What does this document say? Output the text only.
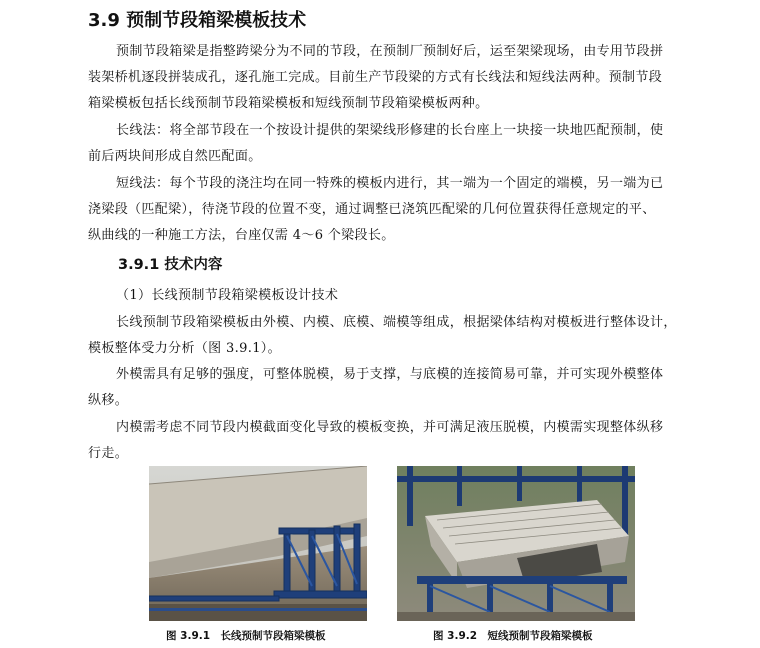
3.9 预制节段箱梁模板技术
预制节段箱梁是指整跨梁分为不同的节段，在预制厂预制好后，运至架梁现场，由专用节段拼
装架桥机逐段拼装成孔，逐孔施工完成。目前生产节段梁的方式有长线法和短线法两种。预制节段
箱梁模板包括长线预制节段箱梁模板和短线预制节段箱梁模板两种。
长线法：将全部节段在一个按设计提供的架梁线形修建的长台座上一块接一块地匹配预制，使
前后两块间形成自然匹配面。
短线法：每个节段的浇注均在同一特殊的模板内进行，其一端为一个固定的端模，另一端为已
浇梁段（匹配梁），待浇节段的位置不变，通过调整已浇筑匹配梁的几何位置获得任意规定的平、
纵曲线的一种施工方法，台座仅需 4～6 个梁段长。
3.9.1 技术内容
（1）长线预制节段箱梁模板设计技术
长线预制节段箱梁模板由外模、内模、底模、端模等组成，根据梁体结构对模板进行整体设计，
模板整体受力分析（图 3.9.1）。
外模需具有足够的强度，可整体脱模，易于支撑，与底模的连接简易可靠，并可实现外模整体
纵移。
内模需考虑不同节段内模截面变化导致的模板变换，并可满足液压脱模，内模需实现整体纵移
行走。
图 3.9.1　长线预制节段箱梁模板	图 3.9.2　短线预制节段箱梁模板
